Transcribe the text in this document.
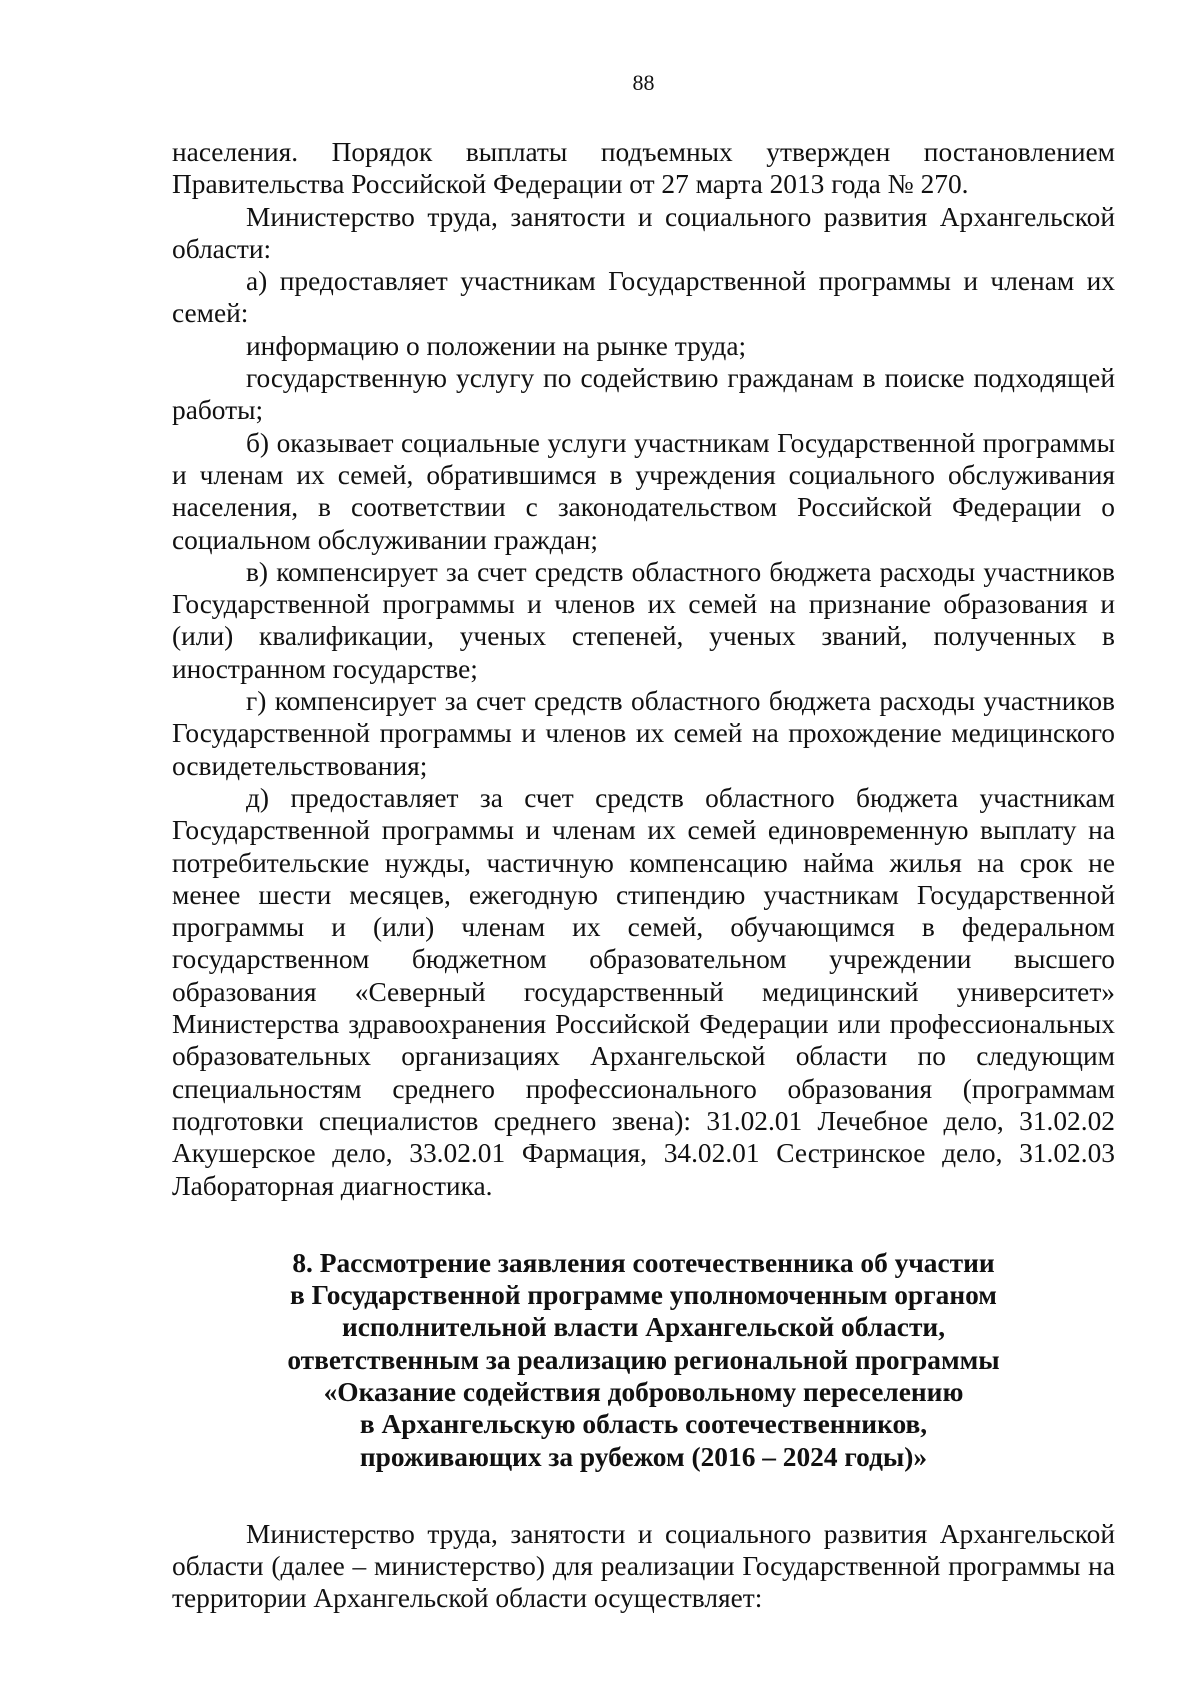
88

населения. Порядок выплаты подъемных утвержден постановлением Правительства Российской Федерации от 27 марта 2013 года № 270.

Министерство труда, занятости и социального развития Архангельской области:

а) предоставляет участникам Государственной программы и членам их семей:

информацию о положении на рынке труда;

государственную услугу по содействию гражданам в поиске подходящей работы;

б) оказывает социальные услуги участникам Государственной программы и членам их семей, обратившимся в учреждения социального обслуживания населения, в соответствии с законодательством Российской Федерации о социальном обслуживании граждан;

в) компенсирует за счет средств областного бюджета расходы участников Государственной программы и членов их семей на признание образования и (или) квалификации, ученых степеней, ученых званий, полученных в иностранном государстве;

г) компенсирует за счет средств областного бюджета расходы участников Государственной программы и членов их семей на прохождение медицинского освидетельствования;

д) предоставляет за счет средств областного бюджета участникам Государственной программы и членам их семей единовременную выплату на потребительские нужды, частичную компенсацию найма жилья на срок не менее шести месяцев, ежегодную стипендию участникам Государственной программы и (или) членам их семей, обучающимся в федеральном государственном бюджетном образовательном учреждении высшего образования «Северный государственный медицинский университет» Министерства здравоохранения Российской Федерации или профессиональных образовательных организациях Архангельской области по следующим специальностям среднего профессионального образования (программам подготовки специалистов среднего звена): 31.02.01 Лечебное дело, 31.02.02 Акушерское дело, 33.02.01 Фармация, 34.02.01 Сестринское дело, 31.02.03 Лабораторная диагностика.

8. Рассмотрение заявления соотечественника об участии
в Государственной программе уполномоченным органом
исполнительной власти Архангельской области,
ответственным за реализацию региональной программы
«Оказание содействия добровольному переселению
в Архангельскую область соотечественников,
проживающих за рубежом (2016 – 2024 годы)»

Министерство труда, занятости и социального развития Архангельской области (далее – министерство) для реализации Государственной программы на территории Архангельской области осуществляет:
